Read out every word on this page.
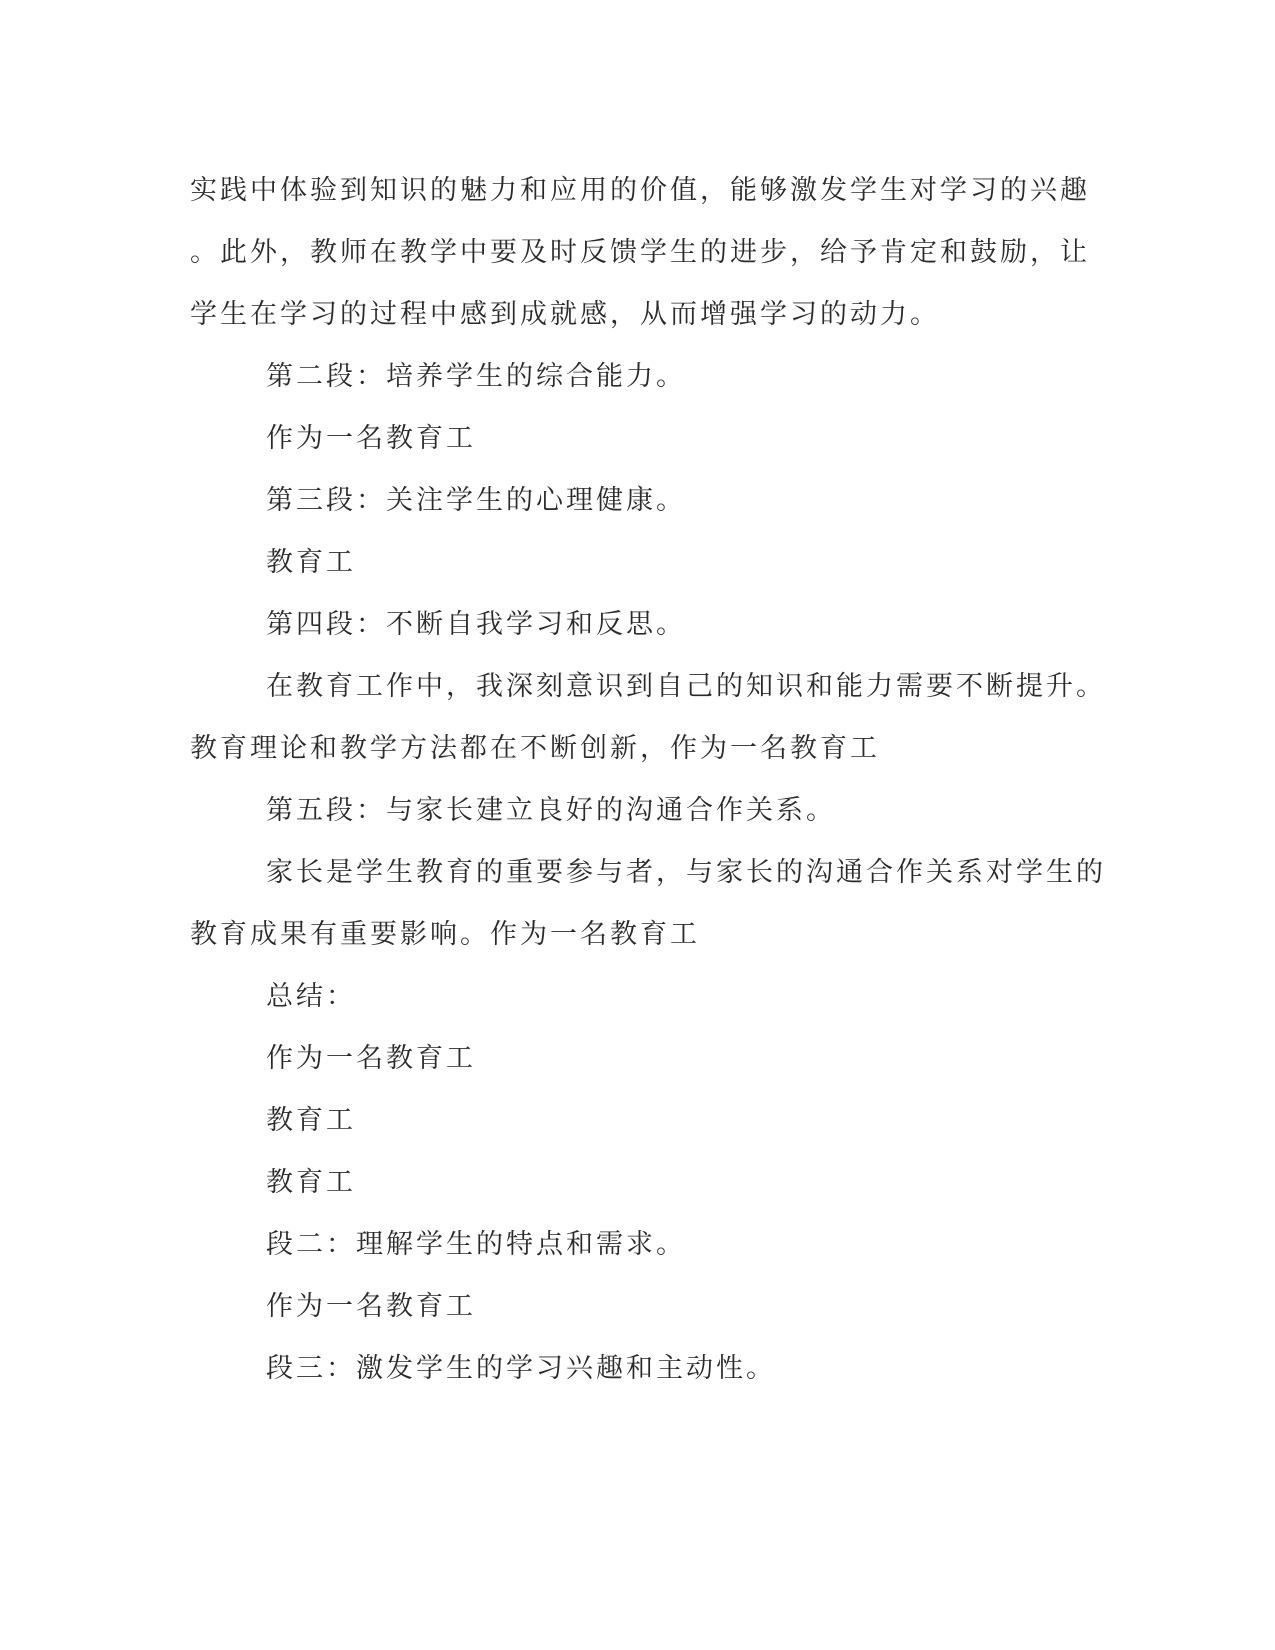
实践中体验到知识的魅力和应用的价值，能够激发学生对学习的兴趣
。此外，教师在教学中要及时反馈学生的进步，给予肯定和鼓励，让
学生在学习的过程中感到成就感，从而增强学习的动力。
第二段：培养学生的综合能力。
作为一名教育工
第三段：关注学生的心理健康。
教育工
第四段：不断自我学习和反思。
在教育工作中，我深刻意识到自己的知识和能力需要不断提升。
教育理论和教学方法都在不断创新，作为一名教育工
第五段：与家长建立良好的沟通合作关系。
家长是学生教育的重要参与者，与家长的沟通合作关系对学生的
教育成果有重要影响。作为一名教育工
总结：
作为一名教育工
教育工
教育工
段二：理解学生的特点和需求。
作为一名教育工
段三：激发学生的学习兴趣和主动性。
